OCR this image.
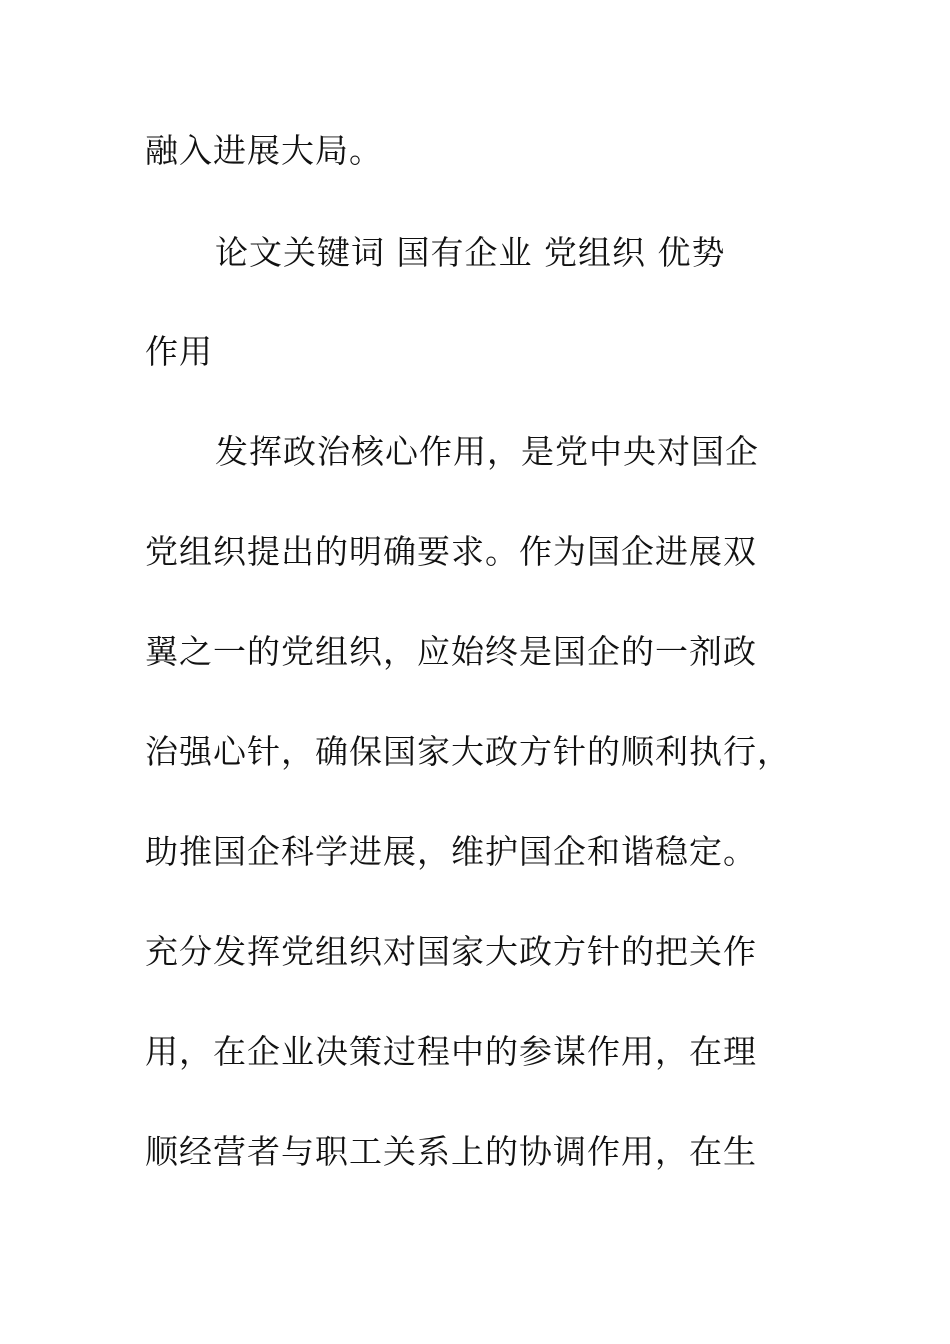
融入进展大局。
论文关键词 国有企业 党组织 优势
作用
发挥政治核心作用，是党中央对国企
党组织提出的明确要求。作为国企进展双
翼之一的党组织，应始终是国企的一剂政
治强心针，确保国家大政方针的顺利执行，
助推国企科学进展，维护国企和谐稳定。
充分发挥党组织对国家大政方针的把关作
用，在企业决策过程中的参谋作用，在理
顺经营者与职工关系上的协调作用，在生
